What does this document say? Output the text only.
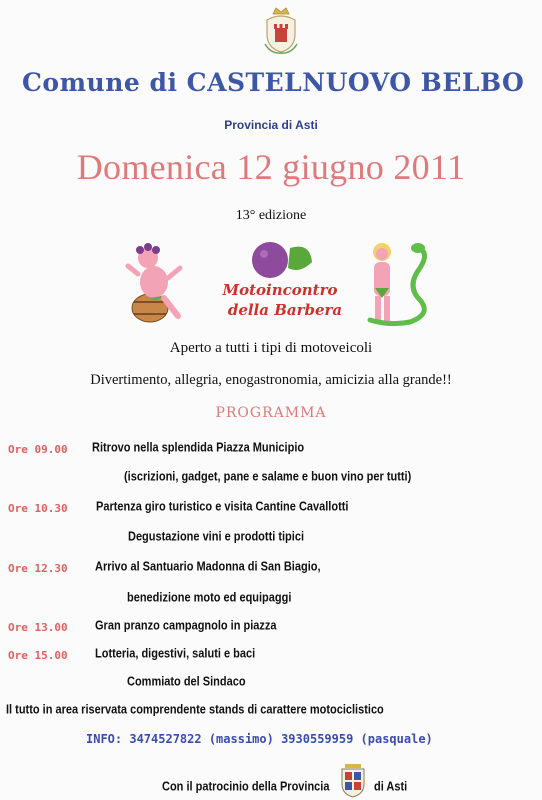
Comune di CASTELNUOVO BELBO
Provincia di Asti
Domenica 12 giugno 2011
13° edizione
Motoincontro
della Barbera
Aperto a tutti i tipi di motoveicoli
Divertimento, allegria, enogastronomia, amicizia alla grande!!
PROGRAMMA
Ore 09.00 Ritrovo nella splendida Piazza Municipio
(iscrizioni, gadget, pane e salame e buon vino per tutti)
Ore 10.30	Partenza giro turistico e visita Cantine Cavallotti
Degustazione vini e prodotti tipici
Ore 12.30 Arrivo al Santuario Madonna di San Biagio,
benedizione moto ed equipaggi
Ore 13.00 Gran pranzo campagnolo in piazza
Ore 15.00 Lotteria, digestivi, saluti e baci
Commiato del Sindaco
Il tutto in area riservata comprendente stands di carattere motociclistico
INFO: 3474527822 (massimo) 3930559959 (pasquale)
Con il patrocinio della Provincia	di Asti
